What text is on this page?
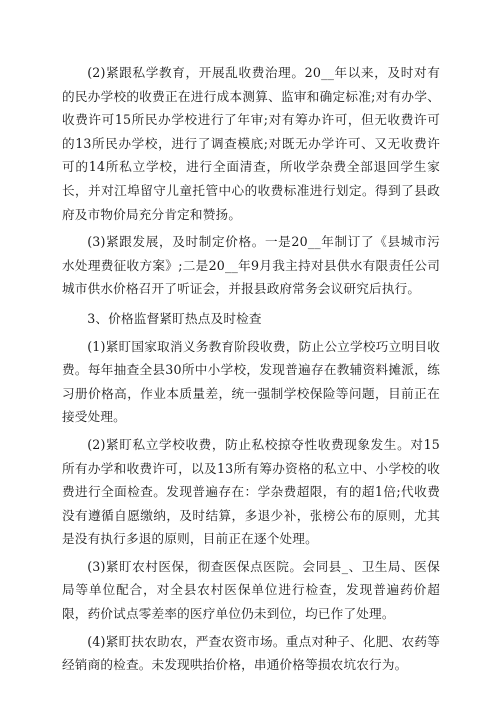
(2)紧跟私学教育，开展乱收费治理。20__年以来，及时对有的民办学校的收费正在进行成本测算、监审和确定标准;对有办学、收费许可15所民办学校进行了年审;对有筹办许可，但无收费许可的13所民办学校，进行了调查模底;对既无办学许可、又无收费许可的14所私立学校，进行全面清查，所收学杂费全部退回学生家长，并对江埠留守儿童托管中心的收费标准进行划定。得到了县政府及市物价局充分肯定和赞扬。

(3)紧跟发展，及时制定价格。一是20__年制订了《县城市污水处理费征收方案》;二是20__年9月我主持对县供水有限责任公司城市供水价格召开了听证会，并报县政府常务会议研究后执行。

3、价格监督紧盯热点及时检查

(1)紧盯国家取消义务教育阶段收费，防止公立学校巧立明目收费。每年抽查全县30所中小学校，发现普遍存在教辅资料摊派，练习册价格高，作业本质量差，统一强制学校保险等问题，目前正在接受处理。

(2)紧盯私立学校收费，防止私校掠夺性收费现象发生。对15所有办学和收费许可，以及13所有筹办资格的私立中、小学校的收费进行全面检查。发现普遍存在：学杂费超限，有的超1倍;代收费没有遵循自愿缴纳，及时结算，多退少补，张榜公布的原则，尤其是没有执行多退的原则，目前正在逐个处理。

(3)紧盯农村医保，彻查医保点医院。会同县_、卫生局、医保局等单位配合，对全县农村医保单位进行检查，发现普遍药价超限，药价试点零差率的医疗单位仍未到位，均已作了处理。

(4)紧盯扶农助农，严查农资市场。重点对种子、化肥、农药等经销商的检查。未发现哄抬价格，串通价格等损农坑农行为。
